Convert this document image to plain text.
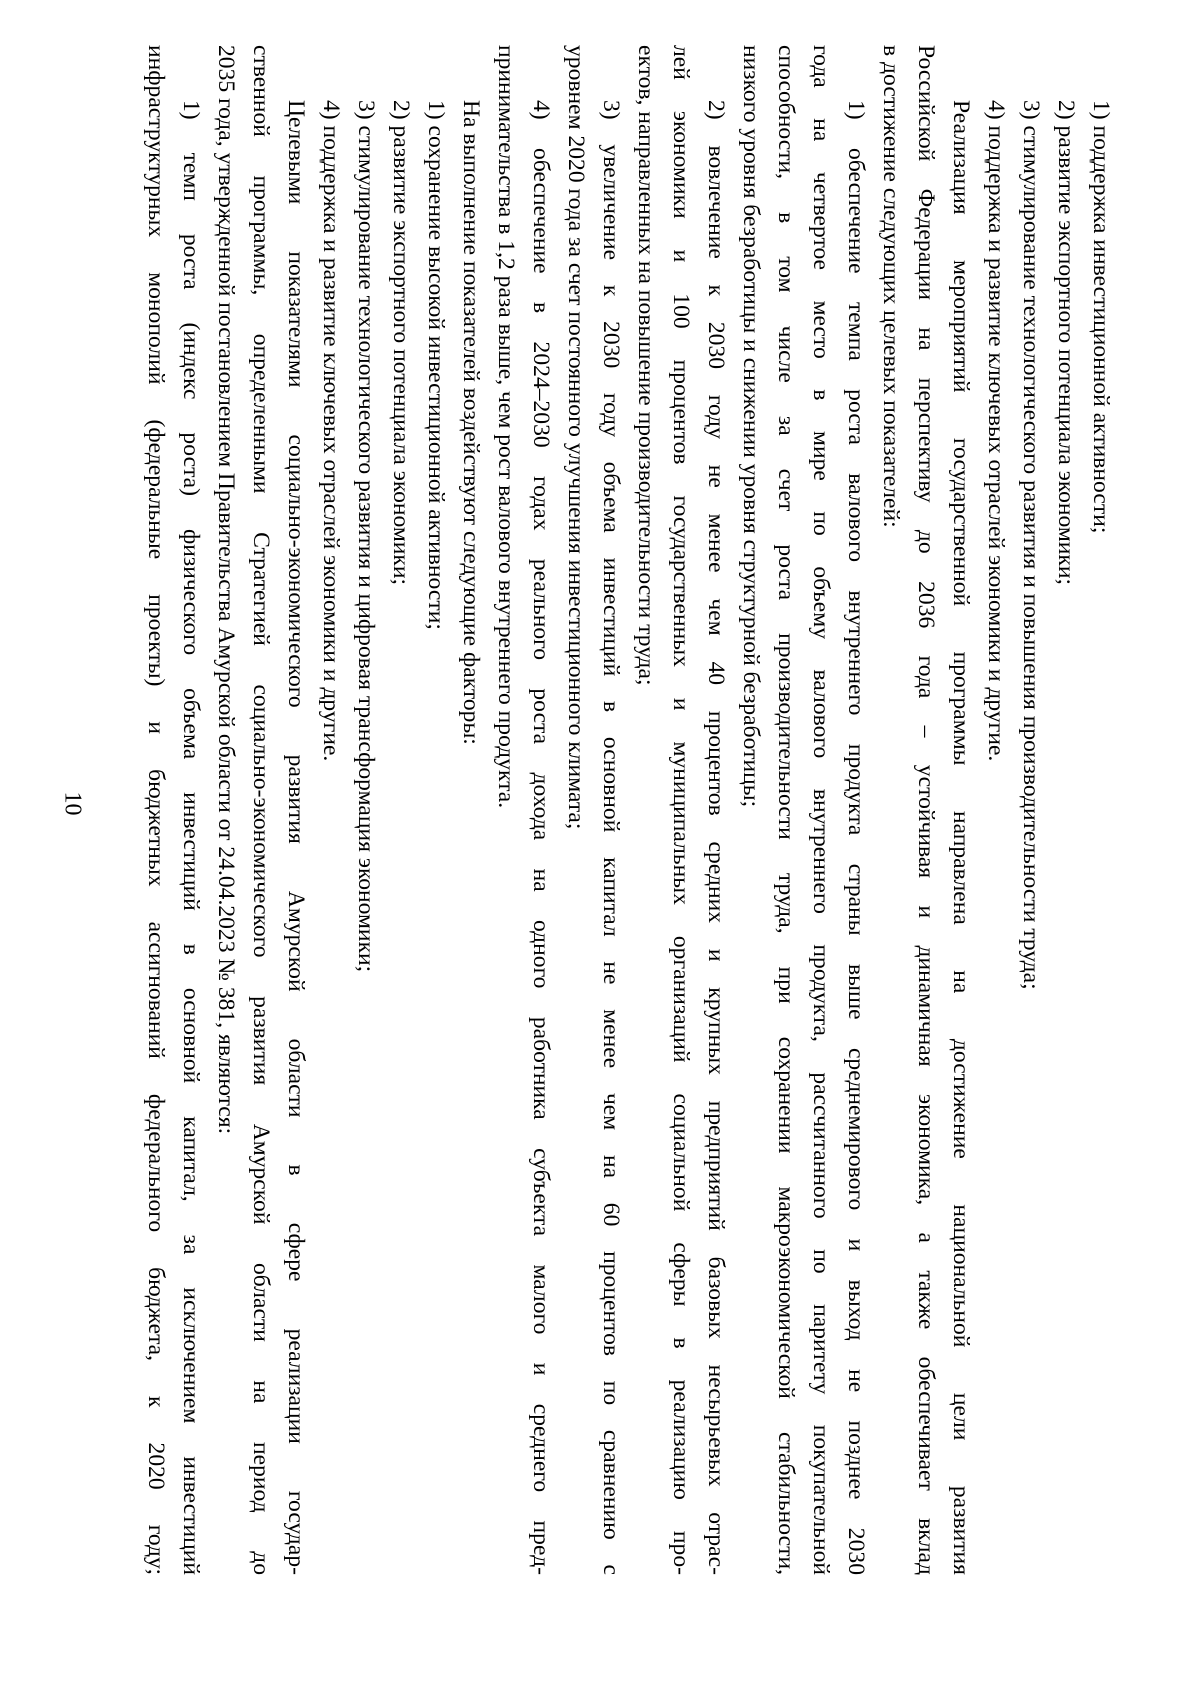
10
1) поддержка инвестиционной активности;
2) развитие экспортного потенциала экономики;
3) стимулирование технологического развития и повышения производительности труда;
4) поддержка и развитие ключевых отраслей экономики и другие.
Реализация мероприятий государственной программы направлена на достижение национальной цели развития
Российской Федерации на перспективу до 2036 года – устойчивая и динамичная экономика, а также обеспечивает вклад
в достижение следующих целевых показателей:
1) обеспечение темпа роста валового внутреннего продукта страны выше среднемирового и выход не позднее 2030
года на четвертое место в мире по объему валового внутреннего продукта, рассчитанного по паритету покупательной
способности, в том числе за счет роста производительности труда, при сохранении макроэкономической стабильности,
низкого уровня безработицы и снижении уровня структурной безработицы;
2) вовлечение к 2030 году не менее чем 40 процентов средних и крупных предприятий базовых несырьевых отрас-
лей экономики и 100 процентов государственных и муниципальных организаций социальной сферы в реализацию про-
ектов, направленных на повышение производительности труда;
3) увеличение к 2030 году объема инвестиций в основной капитал не менее чем на 60 процентов по сравнению с
уровнем 2020 года за счет постоянного улучшения инвестиционного климата;
4) обеспечение в 2024–2030 годах реального роста дохода на одного работника субъекта малого и среднего пред-
принимательства в 1,2 раза выше, чем рост валового внутреннего продукта.
На выполнение показателей воздействуют следующие факторы:
1) сохранение высокой инвестиционной активности;
2) развитие экспортного потенциала экономики;
3) стимулирование технологического развития и цифровая трансформация экономики;
4) поддержка и развитие ключевых отраслей экономики и другие.
Целевыми показателями социально-экономического развития Амурской области в сфере реализации государ-
ственной программы, определенными Стратегией социально-экономического развития Амурской области на период до
2035 года, утвержденной постановлением Правительства Амурской области от 24.04.2023 № 381, являются:
1) темп роста (индекс роста) физического объема инвестиций в основной капитал, за исключением инвестиций
инфраструктурных монополий (федеральные проекты) и бюджетных ассигнований федерального бюджета, к 2020 году;
